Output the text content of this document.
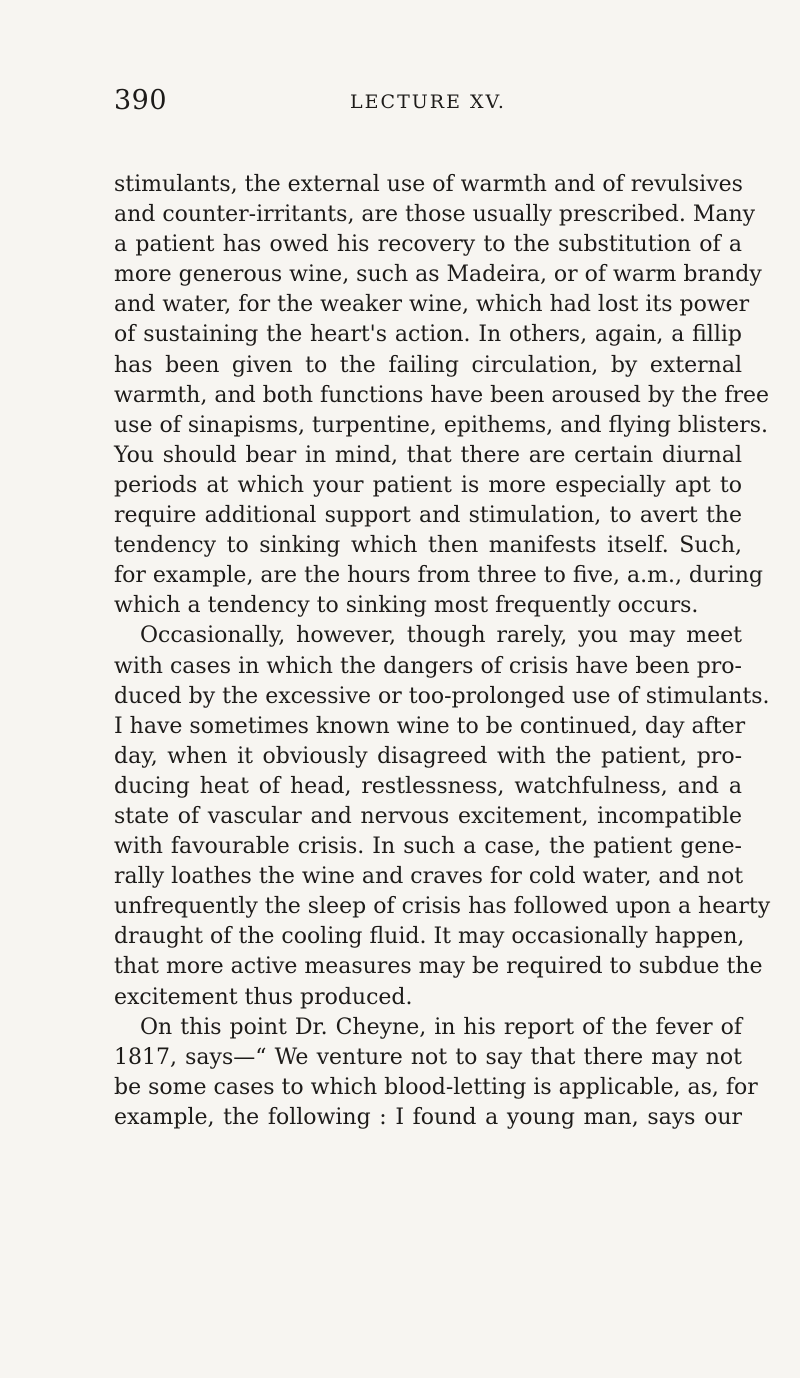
390	LECTURE XV.
stimulants, the external use of warmth and of revulsives
and counter-irritants, are those usually prescribed. Many
a patient has owed his recovery to the substitution of a
more generous wine, such as Madeira, or of warm brandy
and water, for the weaker wine, which had lost its power
of sustaining the heart's action. In others, again, a fillip
has been given to the failing circulation, by external
warmth, and both functions have been aroused by the free
use of sinapisms, turpentine, epithems, and flying blisters.
You should bear in mind, that there are certain diurnal
periods at which your patient is more especially apt to
require additional support and stimulation, to avert the
tendency to sinking which then manifests itself. Such,
for example, are the hours from three to five, a.m., during
which a tendency to sinking most frequently occurs.
Occasionally, however, though rarely, you may meet
with cases in which the dangers of crisis have been pro-
duced by the excessive or too-prolonged use of stimulants.
I have sometimes known wine to be continued, day after
day, when it obviously disagreed with the patient, pro-
ducing heat of head, restlessness, watchfulness, and a
state of vascular and nervous excitement, incompatible
with favourable crisis. In such a case, the patient gene-
rally loathes the wine and craves for cold water, and not
unfrequently the sleep of crisis has followed upon a hearty
draught of the cooling fluid. It may occasionally happen,
that more active measures may be required to subdue the
excitement thus produced.
On this point Dr. Cheyne, in his report of the fever of
1817, says—“ We venture not to say that there may not
be some cases to which blood-letting is applicable, as, for
example, the following : I found a young man, says our
